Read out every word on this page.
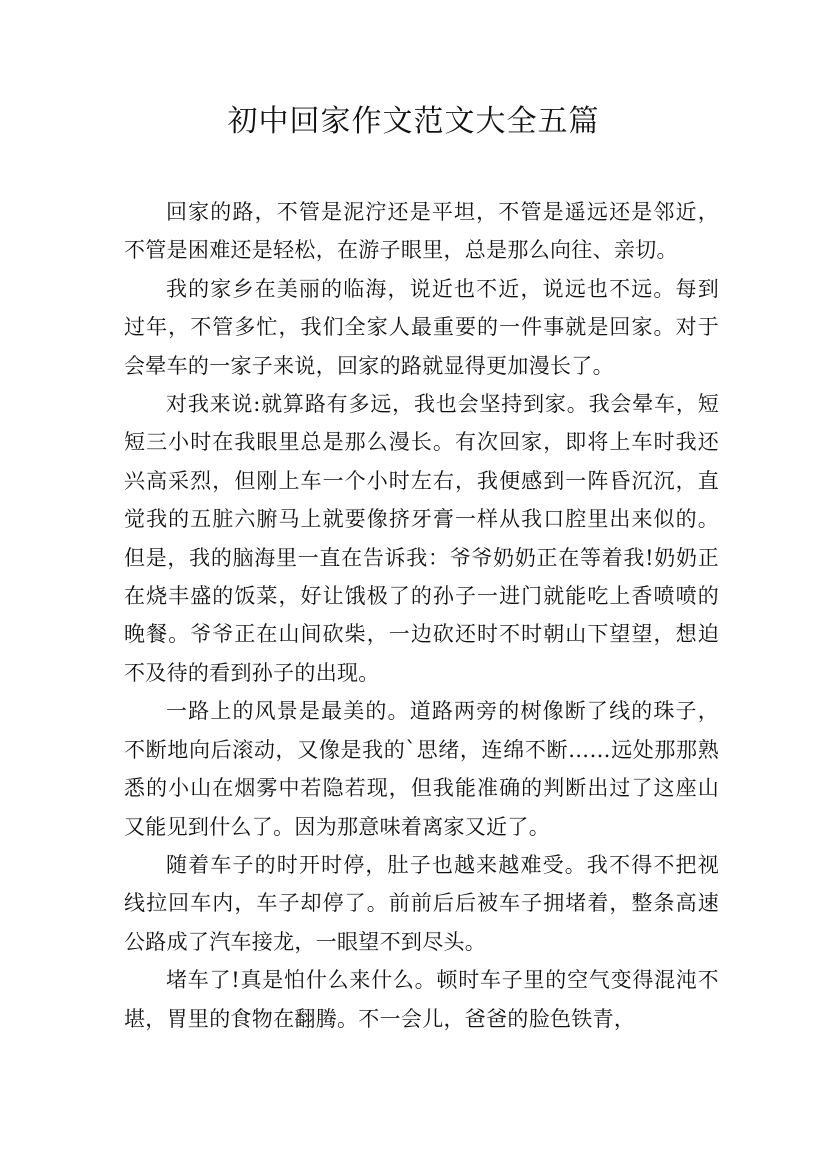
初中回家作文范文大全五篇

回家的路，不管是泥泞还是平坦，不管是遥远还是邻近，不管是困难还是轻松，在游子眼里，总是那么向往、亲切。

我的家乡在美丽的临海，说近也不近，说远也不远。每到过年，不管多忙，我们全家人最重要的一件事就是回家。对于会晕车的一家子来说，回家的路就显得更加漫长了。

对我来说:就算路有多远，我也会坚持到家。我会晕车，短短三小时在我眼里总是那么漫长。有次回家，即将上车时我还兴高采烈，但刚上车一个小时左右，我便感到一阵昏沉沉，直觉我的五脏六腑马上就要像挤牙膏一样从我口腔里出来似的。但是，我的脑海里一直在告诉我：爷爷奶奶正在等着我!奶奶正在烧丰盛的饭菜，好让饿极了的孙子一进门就能吃上香喷喷的晚餐。爷爷正在山间砍柴，一边砍还时不时朝山下望望，想迫不及待的看到孙子的出现。

一路上的风景是最美的。道路两旁的树像断了线的珠子，不断地向后滚动，又像是我的`思绪，连绵不断……远处那那熟悉的小山在烟雾中若隐若现，但我能准确的判断出过了这座山又能见到什么了。因为那意味着离家又近了。

随着车子的时开时停，肚子也越来越难受。我不得不把视线拉回车内，车子却停了。前前后后被车子拥堵着，整条高速公路成了汽车接龙，一眼望不到尽头。

堵车了!真是怕什么来什么。顿时车子里的空气变得混沌不堪，胃里的食物在翻腾。不一会儿，爸爸的脸色铁青，
